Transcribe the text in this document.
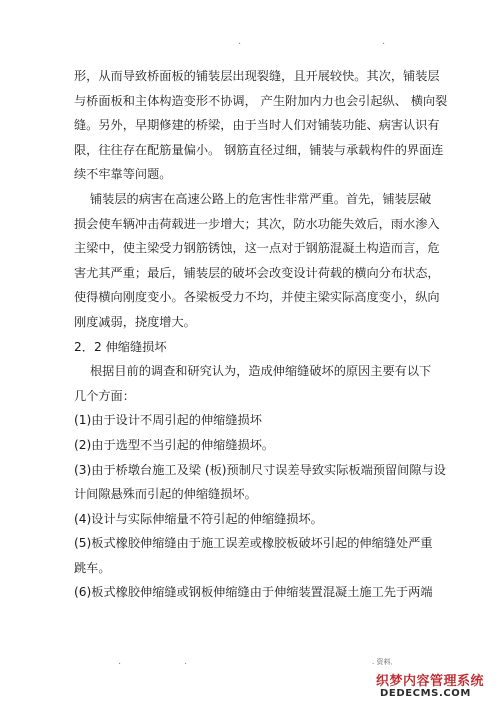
.	.
形，从而导致桥面板的铺装层出现裂缝，且开展较快。其次，铺装层
与桥面板和主体构造变形不协调， 产生附加内力也会引起纵、 横向裂
缝。另外，早期修建的桥梁，由于当时人们对铺装功能、病害认识有
限，往往存在配筋量偏小。 钢筋直径过细，铺装与承载构件的界面连
续不牢靠等问题。
铺装层的病害在高速公路上的危害性非常严重。首先，铺装层破
损会使车辆冲击荷载进一步增大；其次，防水功能失效后，雨水渗入
主梁中，使主梁受力钢筋锈蚀，这一点对于钢筋混凝土构造而言，危
害尤其严重；最后，铺装层的破坏会改变设计荷载的横向分布状态，
使得横向刚度变小。各梁板受力不均，并使主梁实际高度变小，纵向
刚度减弱，挠度增大。
2．2 伸缩缝损坏
根据目前的调查和研究认为，造成伸缩缝破坏的原因主要有以下
几个方面：
(1)由于设计不周引起的伸缩缝损坏
(2)由于选型不当引起的伸缩缝损坏。
(3)由于桥墩台施工及梁 (板)预制尺寸误差导致实际板端预留间隙与设
计间隙悬殊而引起的伸缩缝损坏。
(4)设计与实际伸缩量不符引起的伸缩缝损坏。
(5)板式橡胶伸缩缝由于施工误差或橡胶板破坏引起的伸缩缝处严重
跳车。
(6)板式橡胶伸缩缝或钢板伸缩缝由于伸缩装置混凝土施工先于两端
.	.	. 资料．
织梦内容管理系统
DEDECMS.COM
